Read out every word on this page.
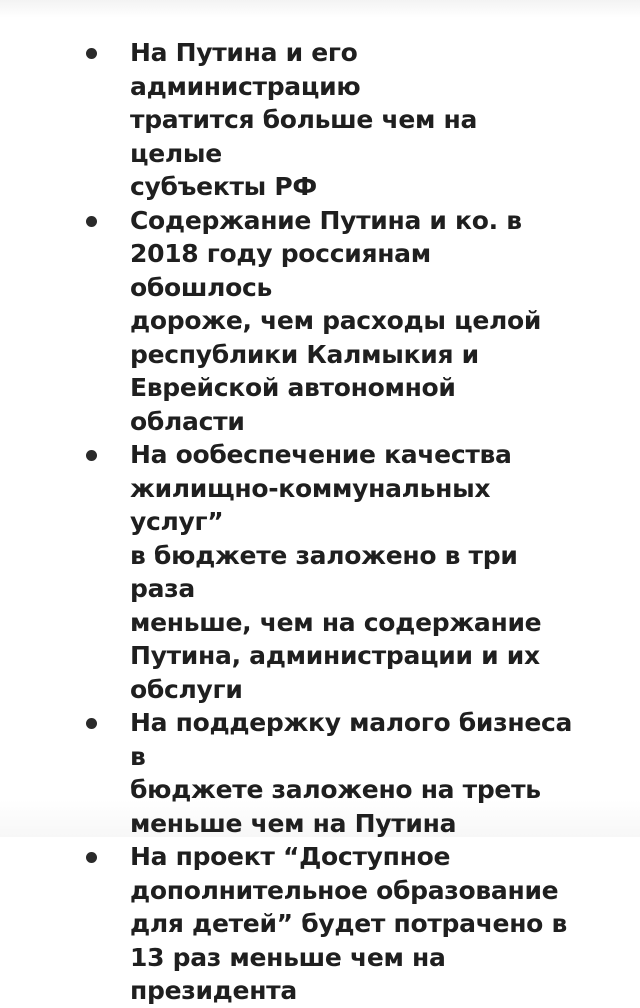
На Путина и его администрацию
тратится больше чем на целые
субъекты РФ
Содержание Путина и ко. в
2018 году россиянам обошлось
дороже, чем расходы целой
республики Калмыкия и
Еврейской автономной области
На ообеспечение качества
жилищно-коммунальных услуг”
в бюджете заложено в три раза
меньше, чем на содержание
Путина, администрации и их
обслуги
На поддержку малого бизнеса в
бюджете заложено на треть
меньше чем на Путина
На проект “Доступное
дополнительное образование
для детей” будет потрачено в
13 раз меньше чем на
президента
